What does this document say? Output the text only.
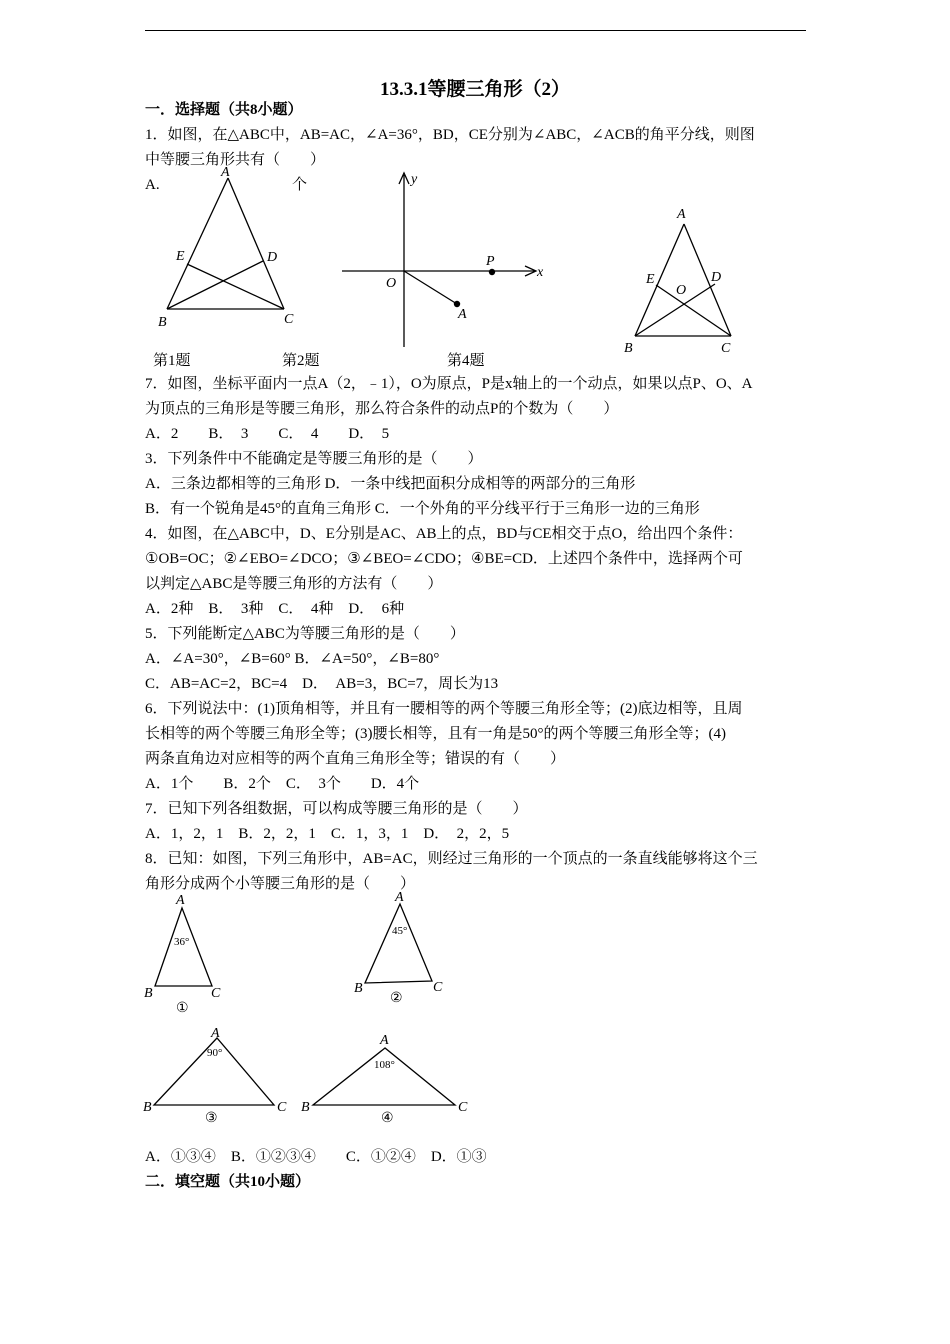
13.3.1等腰三角形（2）
一．选择题（共8小题）
1．如图，在△ABC中，AB=AC，∠A=36°，BD，CE分别为∠ABC，∠ACB的角平分线，则图
中等腰三角形共有（　　）
A.	个
A
B	C
D
E
y
x
O
P
A
A
B	C
D
E
O
第1题	第2题	第4题
7．如图，坐标平面内一点A（2，﹣1），O为原点，P是x轴上的一个动点，如果以点P、O、A
为顶点的三角形是等腰三角形，那么符合条件的动点P的个数为（　　）
A．2　　B．　3　　C．　4　　D．　5
3．下列条件中不能确定是等腰三角形的是（　　）
A．三条边都相等的三角形 D．一条中线把面积分成相等的两部分的三角形
B．有一个锐角是45°的直角三角形 C．一个外角的平分线平行于三角形一边的三角形
4．如图，在△ABC中，D、E分别是AC、AB上的点，BD与CE相交于点O，给出四个条件：
①OB=OC；②∠EBO=∠DCO；③∠BEO=∠CDO；④BE=CD．上述四个条件中，选择两个可
以判定△ABC是等腰三角形的方法有（　　）
A．2种　B．　3种　C．　4种　D．　6种
5．下列能断定△ABC为等腰三角形的是（　　）
A．∠A=30°，∠B=60° B．∠A=50°，∠B=80°
C．AB=AC=2，BC=4　D．　AB=3，BC=7，周长为13
6．下列说法中：(1)顶角相等，并且有一腰相等的两个等腰三角形全等；(2)底边相等，且周
长相等的两个等腰三角形全等；(3)腰长相等，且有一角是50°的两个等腰三角形全等；(4)
两条直角边对应相等的两个直角三角形全等；错误的有（　　）
A．1个　　B．2个　C．　3个　　D．4个
7．已知下列各组数据，可以构成等腰三角形的是（　　）
A．1，2，1　B．2，2，1　C．1，3，1　D．　2，2，5
8．已知：如图，下列三角形中，AB=AC，则经过三角形的一个顶点的一条直线能够将这个三
角形分成两个小等腰三角形的是（　　）
A
B	C
36°
①
A
B	C
45°
②
A
B	C
90°
③
A
B	C
108°
④
A．①③④　B．①②③④　　C．①②④　D．①③
二．填空题（共10小题）
